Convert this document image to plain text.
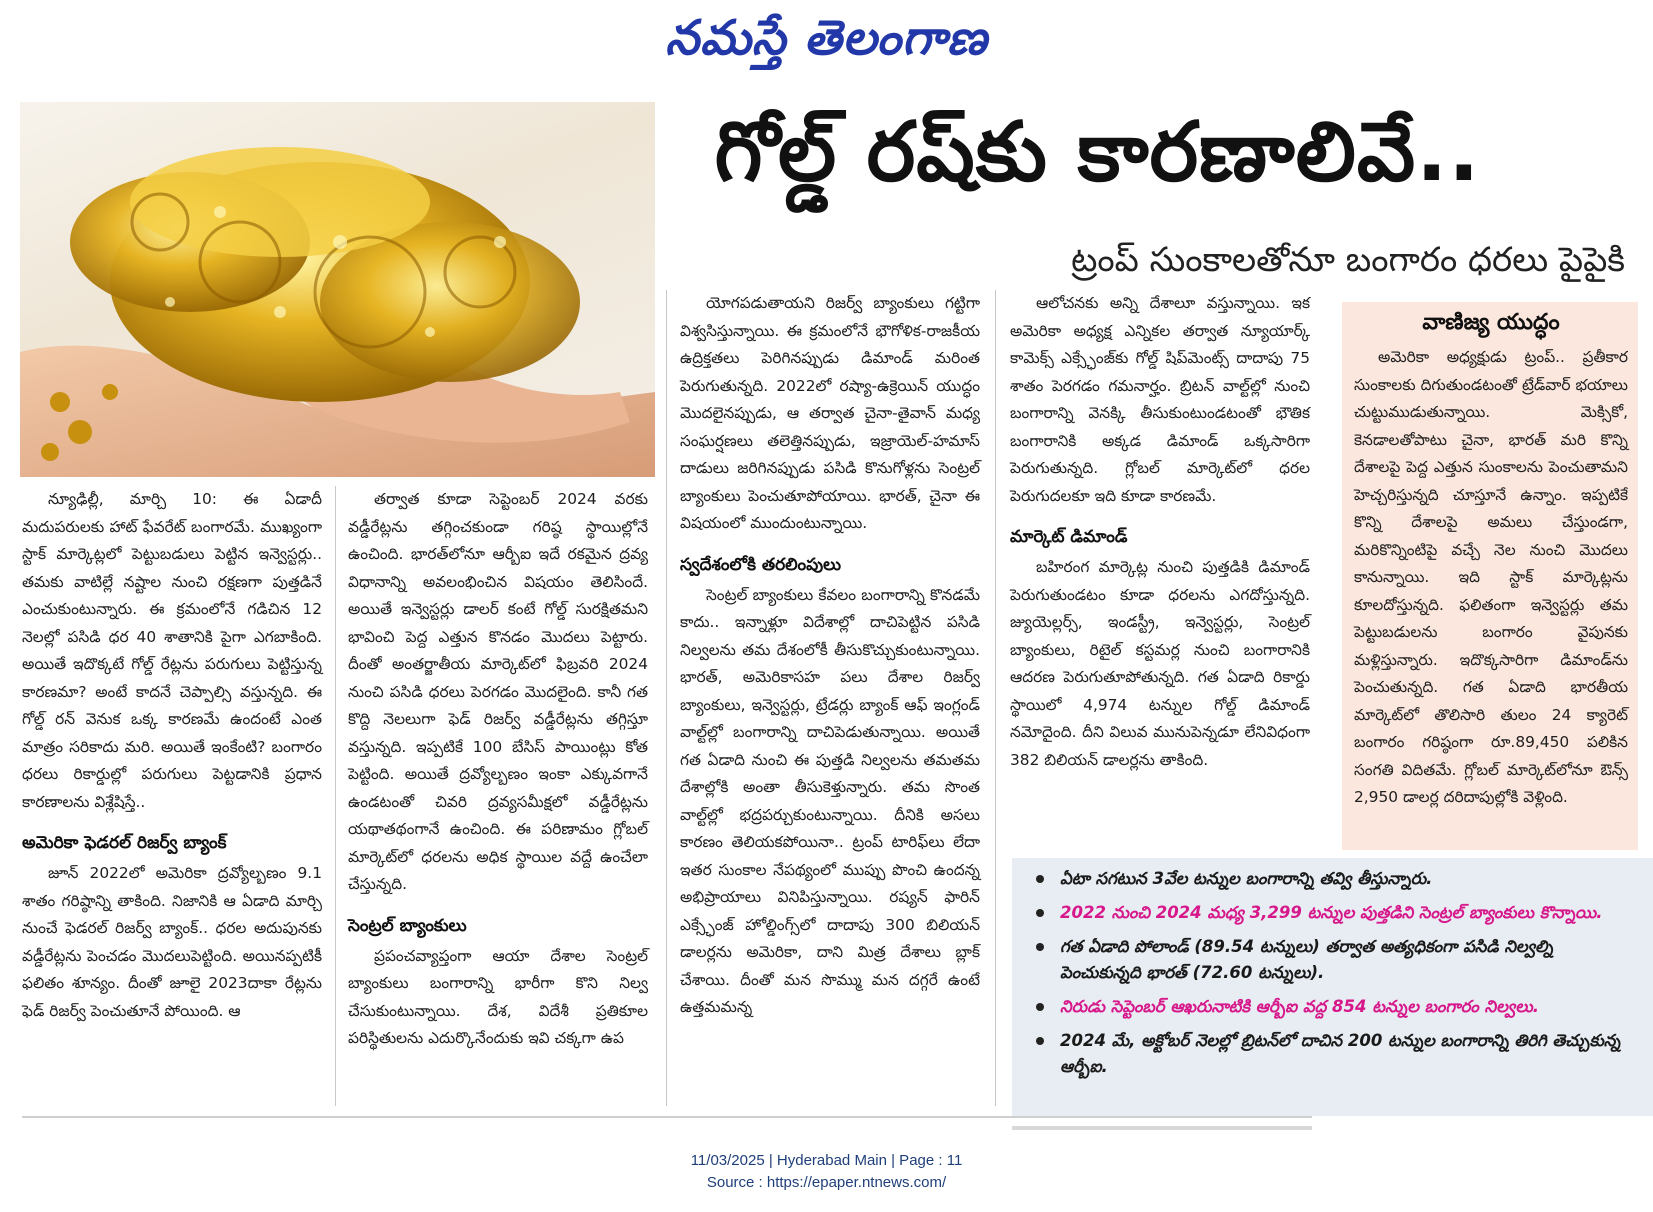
నమస్తే తెలంగాణ
గోల్డ్ రష్‌కు కారణాలివే..
ట్రంప్ సుంకాలతోనూ బంగారం ధరలు పైపైకి

న్యూఢిల్లీ, మార్చి 10: ఈ ఏడాదీ మదుపరులకు హాట్ ఫేవరేట్ బంగారమే. ముఖ్యంగా స్టాక్ మార్కెట్లలో పెట్టుబడులు పెట్టిన ఇన్వెస్టర్లు.. తమకు వాటిల్లే నష్టాల నుంచి రక్షణగా పుత్తడినే ఎంచుకుంటున్నారు. ఈ క్రమంలోనే గడిచిన 12 నెలల్లో పసిడి ధర 40 శాతానికి పైగా ఎగబాకింది. అయితే ఇదొక్కటే గోల్డ్ రేట్లను పరుగులు పెట్టిస్తున్న కారణమా? అంటే కాదనే చెప్పాల్సి వస్తున్నది. ఈ గోల్డ్ రన్ వెనుక ఒక్క కారణమే ఉందంటే ఎంత మాత్రం సరికాదు మరి. అయితే ఇంకేంటి? బంగారం ధరలు రికార్డుల్లో పరుగులు పెట్టడానికి ప్రధాన కారణాలను విశ్లేషిస్తే..

అమెరికా ఫెడరల్ రిజర్వ్ బ్యాంక్

జూన్ 2022లో అమెరికా ద్రవ్యోల్బణం 9.1 శాతం గరిష్ఠాన్ని తాకింది. నిజానికి ఆ ఏడాది మార్చి నుంచే ఫెడరల్ రిజర్వ్ బ్యాంక్.. ధరల అదుపునకు వడ్డీరేట్లను పెంచడం మొదలుపెట్టింది. అయినప్పటికీ ఫలితం శూన్యం. దీంతో జూలై 2023దాకా రేట్లను ఫెడ్ రిజర్వ్ పెంచుతూనే పోయింది. ఆ

తర్వాత కూడా సెప్టెంబర్ 2024 వరకు వడ్డీరేట్లను తగ్గించకుండా గరిష్ఠ స్థాయిల్లోనే ఉంచింది. భారత్‌లోనూ ఆర్బీఐ ఇదే రకమైన ద్రవ్య విధానాన్ని అవలంభించిన విషయం తెలిసిందే. అయితే ఇన్వెస్టర్లు డాలర్ కంటే గోల్డ్ సురక్షితమని భావించి పెద్ద ఎత్తున కొనడం మొదలు పెట్టారు. దీంతో అంతర్జాతీయ మార్కెట్‌లో ఫిబ్రవరి 2024 నుంచి పసిడి ధరలు పెరగడం మొదలైంది. కానీ గత కొద్ది నెలలుగా ఫెడ్ రిజర్వ్ వడ్డీరేట్లను తగ్గిస్తూ వస్తున్నది. ఇప్పటికే 100 బేసిస్ పాయింట్లు కోత పెట్టింది. అయితే ద్రవ్యోల్బణం ఇంకా ఎక్కువగానే ఉండటంతో చివరి ద్రవ్యసమీక్షలో వడ్డీరేట్లను యథాతథంగానే ఉంచింది. ఈ పరిణామం గ్లోబల్ మార్కెట్‌లో ధరలను అధిక స్థాయిల వద్దే ఉంచేలా చేస్తున్నది.

సెంట్రల్ బ్యాంకులు

ప్రపంచవ్యాప్తంగా ఆయా దేశాల సెంట్రల్ బ్యాంకులు బంగారాన్ని భారీగా కొని నిల్వ చేసుకుంటున్నాయి. దేశ, విదేశీ ప్రతికూల పరిస్థితులను ఎదుర్కొనేందుకు ఇవి చక్కగా ఉప

యోగపడుతాయని రిజర్వ్ బ్యాంకులు గట్టిగా విశ్వసిస్తున్నాయి. ఈ క్రమంలోనే భౌగోళిక-రాజకీయ ఉద్రిక్తతలు పెరిగినప్పుడు డిమాండ్ మరింత పెరుగుతున్నది. 2022లో రష్యా-ఉక్రెయిన్ యుద్ధం మొదలైనప్పుడు, ఆ తర్వాత చైనా-తైవాన్ మధ్య సంఘర్షణలు తలెత్తినప్పుడు, ఇజ్రాయెల్-హమాస్ దాడులు జరిగినప్పుడు పసిడి కొనుగోళ్లను సెంట్రల్ బ్యాంకులు పెంచుతూపోయాయి. భారత్, చైనా ఈ విషయంలో ముందుంటున్నాయి.

స్వదేశంలోకి తరలింపులు

సెంట్రల్ బ్యాంకులు కేవలం బంగారాన్ని కొనడమే కాదు.. ఇన్నాళ్లూ విదేశాల్లో దాచిపెట్టిన పసిడి నిల్వలను తమ దేశంలోకీ తీసుకొచ్చుకుంటున్నాయి. భారత్, అమెరికాసహ పలు దేశాల రిజర్వ్ బ్యాంకులు, ఇన్వెస్టర్లు, ట్రేడర్లు బ్యాంక్ ఆఫ్ ఇంగ్లండ్ వాల్ట్‌ల్లో బంగారాన్ని దాచిపెడుతున్నాయి. అయితే గత ఏడాది నుంచి ఈ పుత్తడి నిల్వలను తమతమ దేశాల్లోకి అంతా తీసుకెళ్తున్నారు. తమ సొంత వాల్ట్‌ల్లో భద్రపర్చుకుంటున్నాయి. దీనికి అసలు కారణం తెలియకపోయినా.. ట్రంప్ టారిఫ్‌లు లేదా ఇతర సుంకాల నేపథ్యంలో ముప్పు పొంచి ఉందన్న అభిప్రాయాలు వినిపిస్తున్నాయి. రష్యన్ ఫారిన్ ఎక్స్ఛేంజ్ హోల్డింగ్స్‌లో దాదాపు 300 బిలియన్ డాలర్లను అమెరికా, దాని మిత్ర దేశాలు బ్లాక్ చేశాయి. దీంతో మన సొమ్ము మన దగ్గరే ఉంటే ఉత్తమమన్న

ఆలోచనకు అన్ని దేశాలూ వస్తున్నాయి. ఇక అమెరికా అధ్యక్ష ఎన్నికల తర్వాత న్యూయార్క్ కామెక్స్ ఎక్స్ఛేంజ్‌కు గోల్డ్ షిప్‌మెంట్స్ దాదాపు 75 శాతం పెరగడం గమనార్హం. బ్రిటన్ వాల్ట్‌ల్లో నుంచి బంగారాన్ని వెనక్కి తీసుకుంటుండటంతో భౌతిక బంగారానికి అక్కడ డిమాండ్ ఒక్కసారిగా పెరుగుతున్నది. గ్లోబల్ మార్కెట్‌లో ధరల పెరుగుదలకూ ఇది కూడా కారణమే.

మార్కెట్ డిమాండ్

బహిరంగ మార్కెట్ల నుంచి పుత్తడికి డిమాండ్ పెరుగుతుండటం కూడా ధరలను ఎగదోస్తున్నది. జ్యుయెల్లర్స్, ఇండస్ట్రీ, ఇన్వెస్టర్లు, సెంట్రల్ బ్యాంకులు, రిటైల్ కస్టమర్ల నుంచి బంగారానికి ఆదరణ పెరుగుతూపోతున్నది. గత ఏడాది రికార్డు స్థాయిలో 4,974 టన్నుల గోల్డ్ డిమాండ్ నమోదైంది. దీని విలువ మునుపెన్నడూ లేనివిధంగా 382 బిలియన్ డాలర్లను తాకింది.

వాణిజ్య యుద్ధం

అమెరికా అధ్యక్షుడు ట్రంప్.. ప్రతీకార సుంకాలకు దిగుతుండటంతో ట్రేడ్‌వార్ భయాలు చుట్టుముడుతున్నాయి. మెక్సికో, కెనడాలతోపాటు చైనా, భారత్ మరి కొన్ని దేశాలపై పెద్ద ఎత్తున సుంకాలను పెంచుతామని హెచ్చరిస్తున్నది చూస్తూనే ఉన్నాం. ఇప్పటికే కొన్ని దేశాలపై అమలు చేస్తుండగా, మరికొన్నింటిపై వచ్చే నెల నుంచి మొదలు కానున్నాయి. ఇది స్టాక్ మార్కెట్లను కూలదోస్తున్నది. ఫలితంగా ఇన్వెస్టర్లు తమ పెట్టుబడులను బంగారం వైపునకు మళ్లిస్తున్నారు. ఇదొక్కసారిగా డిమాండ్‌ను పెంచుతున్నది. గత ఏడాది భారతీయ మార్కెట్‌లో తొలిసారి తులం 24 క్యారెట్ బంగారం గరిష్ఠంగా రూ.89,450 పలికిన సంగతి విదితమే. గ్లోబల్ మార్కెట్‌లోనూ ఔన్స్ 2,950 డాలర్ల దరిదాపుల్లోకి వెళ్లింది.

ఏటా సగటున 3వేల టన్నుల బంగారాన్ని తవ్వి తీస్తున్నారు.
2022 నుంచి 2024 మధ్య 3,299 టన్నుల పుత్తడిని సెంట్రల్ బ్యాంకులు కొన్నాయి.
గత ఏడాది పోలాండ్ (89.54 టన్నులు) తర్వాత అత్యధికంగా పసిడి నిల్వల్ని పెంచుకున్నది భారత్ (72.60 టన్నులు).
నిరుడు సెప్టెంబర్ ఆఖరునాటికి ఆర్బీఐ వద్ద 854 టన్నుల బంగారం నిల్వలు.
2024 మే, అక్టోబర్ నెలల్లో బ్రిటన్‌లో దాచిన 200 టన్నుల బంగారాన్ని తిరిగి తెచ్చుకున్న ఆర్బీఐ.
11/03/2025 | Hyderabad Main | Page : 11
Source : https://epaper.ntnews.com/
